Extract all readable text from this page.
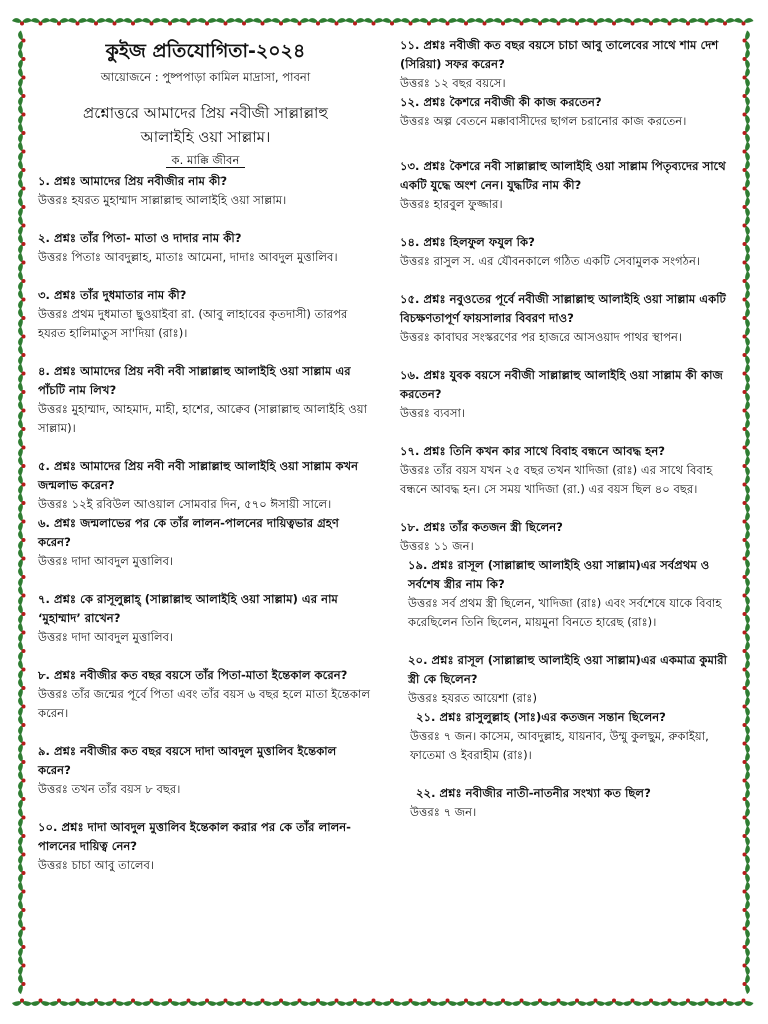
কুইজ প্রতিযোগিতা-২০২৪
আয়োজনে : পুষ্পপাড়া কামিল মাদ্রাসা, পাবনা
প্রশ্নোত্তরে আমাদের প্রিয় নবীজী সাল্লাল্লাহু
আলাইহি ওয়া সাল্লাম।
ক. মাক্কি জীবন
১. প্রশ্নঃ আমাদের প্রিয় নবীজীর নাম কী?
উত্তরঃ হযরত মুহাম্মাদ সাল্লাল্লাহু আলাইহি ওয়া সাল্লাম।
২. প্রশ্নঃ তাঁর পিতা- মাতা ও দাদার নাম কী?
উত্তরঃ পিতাঃ আবদুল্লাহ, মাতাঃ আমেনা, দাদাঃ আবদুল মুত্তালিব।
৩. প্রশ্নঃ তাঁর দুধমাতার নাম কী?
উত্তরঃ প্রথম দুধমাতা ছুওয়াইবা রা. (আবু লাহাবের কৃতদাসী) তারপর হযরত হালিমাতুস সা'দিয়া (রাঃ)।
৪. প্রশ্নঃ আমাদের প্রিয় নবী নবী সাল্লাল্লাহু আলাইহি ওয়া সাল্লাম এর পাঁচটি নাম লিখ?
উত্তরঃ মুহাম্মাদ, আহমাদ, মাহী, হাশের, আক্বেব (সাল্লাল্লাহু আলাইহি ওয়া সাল্লাম)।
৫. প্রশ্নঃ আমাদের প্রিয় নবী নবী সাল্লাল্লাহু আলাইহি ওয়া সাল্লাম কখন জন্মলাভ করেন?
উত্তরঃ ১২ই রবিউল আওয়াল সোমবার দিন, ৫৭০ ঈসায়ী সালে।
৬. প্রশ্নঃ জন্মলাভের পর কে তাঁর লালন-পালনের দায়িত্বভার গ্রহণ করেন?
উত্তরঃ দাদা আবদুল মুত্তালিব।
৭. প্রশ্নঃ কে রাসূলুল্লাহ্ (সাল্লাল্লাহু আলাইহি ওয়া সাল্লাম) এর নাম ‘মুহাম্মাদ’ রাখেন?
উত্তরঃ দাদা আবদুল মুত্তালিব।
৮. প্রশ্নঃ নবীজীর কত বছর বয়সে তাঁর পিতা-মাতা ইন্তেকাল করেন?
উত্তরঃ তাঁর জন্মের পূর্বে পিতা এবং তাঁর বয়স ৬ বছর হলে মাতা ইন্তেকাল করেন।
৯. প্রশ্নঃ নবীজীর কত বছর বয়সে দাদা আবদুল মুত্তালিব ইন্তেকাল করেন?
উত্তরঃ তখন তাঁর বয়স ৮ বছর।
১০. প্রশ্নঃ দাদা আবদুল মুত্তালিব ইন্তেকাল করার পর কে তাঁর লালন-পালনের দায়িত্ব নেন?
উত্তরঃ চাচা আবু তালেব।
১১. প্রশ্নঃ নবীজী কত বছর বয়সে চাচা আবু তালেবের সাথে শাম দেশ (সিরিয়া) সফর করেন?
উত্তরঃ ১২ বছর বয়সে।
১২. প্রশ্নঃ কৈশরে নবীজী কী কাজ করতেন?
উত্তরঃ অল্প বেতনে মক্কাবাসীদের ছাগল চরানোর কাজ করতেন।
১৩. প্রশ্নঃ কৈশরে নবী সাল্লাল্লাহু আলাইহি ওয়া সাল্লাম পিতৃব্যদের সাথে একটি যুদ্ধে অংশ নেন। যুদ্ধটির নাম কী?
উত্তরঃ হারবুল ফুজ্জার।
১৪. প্রশ্নঃ হিলফুল ফযুল কি?
উত্তরঃ রাসুল স. এর যৌবনকালে গঠিত একটি সেবামুলক সংগঠন।
১৫. প্রশ্নঃ নবুওতের পূর্বে নবীজী সাল্লাল্লাহু আলাইহি ওয়া সাল্লাম একটি বিচক্ষণতাপূর্ণ ফায়সালার বিবরণ দাও?
উত্তরঃ কাবাঘর সংস্করণের পর হাজরে আসওয়াদ পাথর স্থাপন।
১৬. প্রশ্নঃ যুবক বয়সে নবীজী সাল্লাল্লাহু আলাইহি ওয়া সাল্লাম কী কাজ করতেন?
উত্তরঃ ব্যবসা।
১৭. প্রশ্নঃ তিনি কখন কার সাথে বিবাহ বন্ধনে আবদ্ধ হন?
উত্তরঃ তাঁর বয়স যখন ২৫ বছর তখন খাদিজা (রাঃ) এর সাথে বিবাহ বন্ধনে আবদ্ধ হন। সে সময় খাদিজা (রা.) এর বয়স ছিল ৪০ বছর।
১৮. প্রশ্নঃ তাঁর কতজন স্ত্রী ছিলেন?
উত্তরঃ ১১ জন।
১৯. প্রশ্নঃ রাসূল (সাল্লাল্লাহু আলাইহি ওয়া সাল্লাম)এর সর্বপ্রথম ও সর্বশেষ স্ত্রীর নাম কি?
উত্তরঃ সর্ব প্রথম স্ত্রী ছিলেন, খাদিজা (রাঃ) এবং সর্বশেষে যাকে বিবাহ করেছিলেন তিনি ছিলেন, মায়মুনা বিনতে হারেছ (রাঃ)।
২০. প্রশ্নঃ রাসূল (সাল্লাল্লাহু আলাইহি ওয়া সাল্লাম)এর একমাত্র কুমারী স্ত্রী কে ছিলেন?
উত্তরঃ হযরত আয়েশা (রাঃ)
২১. প্রশ্নঃ রাসুলুল্লাহ (সাঃ)এর কতজন সন্তান ছিলেন?
উত্তরঃ ৭ জন। কাসেম, আবদুল্লাহ, যায়নাব, উম্মু কুলছুম, রুকাইয়া, ফাতেমা ও ইবরাহীম (রাঃ)।
২২. প্রশ্নঃ নবীজীর নাতী-নাতনীর সংখ্যা কত ছিল?
উত্তরঃ ৭ জন।
